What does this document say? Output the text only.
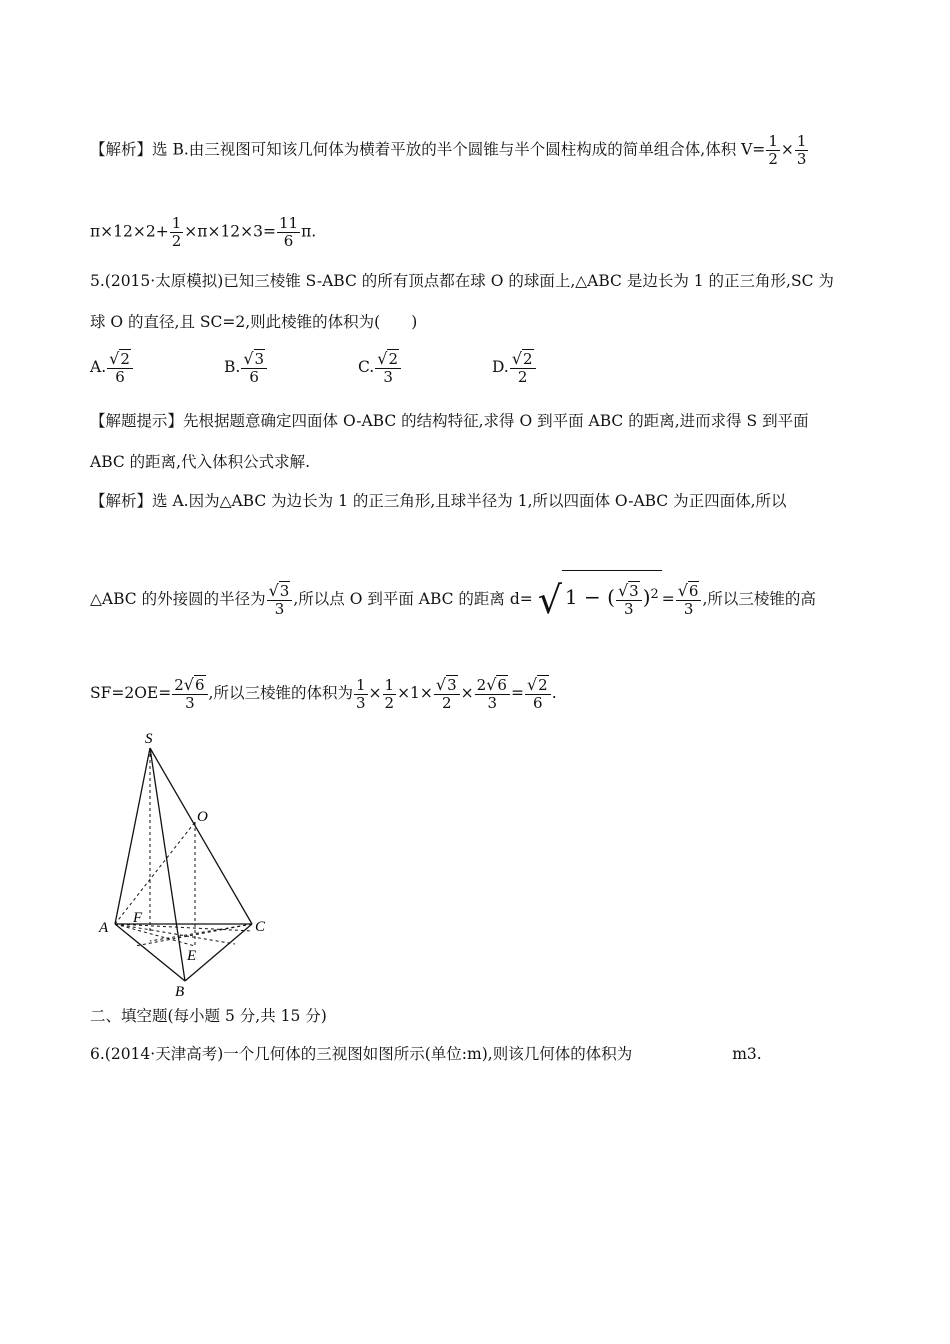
【解析】选 B.由三视图可知该几何体为横着平放的半个圆锥与半个圆柱构成的简单组合体,体积 $V= \frac{1}{2} \times \frac{1}{3}$
$\pi\times 12\times 2+ \frac{1}{2} \times\pi\times 12\times 3= \frac{11}{6} \pi$.
5.(2015·太原模拟)已知三棱锥 S-ABC 的所有顶点都在球 O 的球面上,△ABC 是边长为 1 的正三角形,SC 为
球 O 的直径,且 SC=2,则此棱锥的体积为(　　)
A. $\frac{√2}{6}$	B. $\frac{√3}{6}$	C. $\frac{√2}{3}$	D. $\frac{√2}{2}$
【解题提示】先根据题意确定四面体 O-ABC 的结构特征,求得 O 到平面 ABC 的距离,进而求得 S 到平面
ABC 的距离,代入体积公式求解.
【解析】选 A.因为△ABC 为边长为 1 的正三角形,且球半径为 1,所以四面体 O-ABC 为正四面体,所以
△ABC 的外接圆的半径为 $\frac{√3}{3}$ ,所以点 O 到平面 ABC 的距离 d= √ 1 − ( $\frac{√3}{3} )^2 = \frac{√6}{3}$ ,所以三棱锥的高
$SF=2OE= \frac{2√6}{3}$ ,所以三棱锥的体积为 $\frac{1}{3} \times \frac{1}{2} \times 1\times \frac{√3}{2} \times \frac{2√6}{3} = \frac{√2}{6}$ .
S
O
A
F
C
E
B
二、填空题(每小题 5 分,共 15 分)
6.(2014·天津高考)一个几何体的三视图如图所示(单位:m),则该几何体的体积为	m3.
